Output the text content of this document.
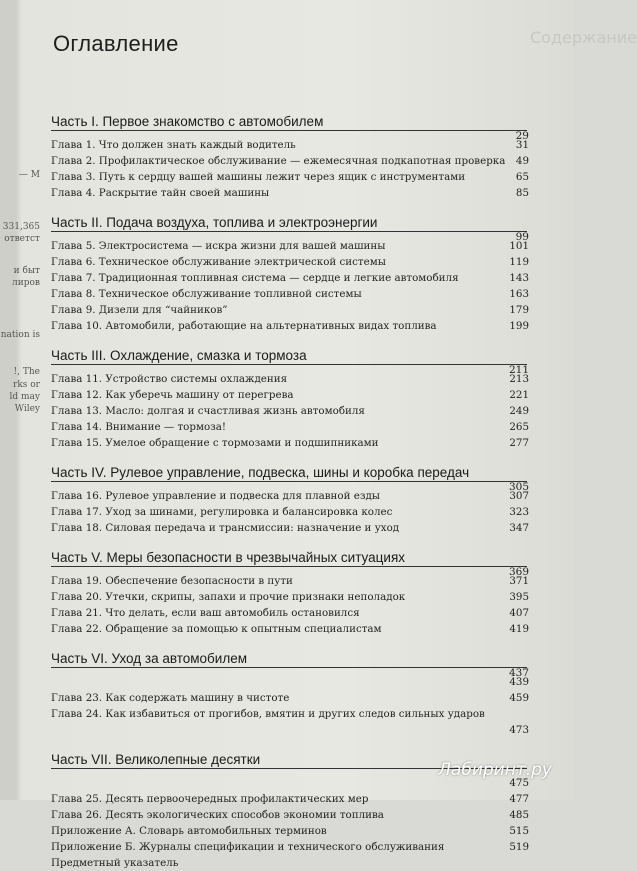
— M
331,365
ответст
и быт
лиров
nation is
!, The
rks or
ld may
Wiley
Содержание
Оглавление
Часть I. Первое знакомство с автомобилем
29
Глава 1. Что должен знать каждый водитель	31
Глава 2. Профилактическое обслуживание — ежемесячная подкапотная проверка 49
Глава 3. Путь к сердцу вашей машины лежит через ящик с инструментами	65
Глава 4. Раскрытие тайн своей машины	85
Часть II. Подача воздуха, топлива и электроэнергии
99
Глава 5. Электросистема — искра жизни для вашей машины	101
Глава 6. Техническое обслуживание электрической системы	119
Глава 7. Традиционная топливная система — сердце и легкие автомобиля	143
Глава 8. Техническое обслуживание топливной системы	163
Глава 9. Дизели для “чайников”	179
Глава 10. Автомобили, работающие на альтернативных видах топлива	199
Часть III. Охлаждение, смазка и тормоза
211
Глава 11. Устройство системы охлаждения	213
Глава 12. Как уберечь машину от перегрева	221
Глава 13. Масло: долгая и счастливая жизнь автомобиля	249
Глава 14. Внимание — тормоза!	265
Глава 15. Умелое обращение с тормозами и подшипниками	277
Часть IV. Рулевое управление, подвеска, шины и коробка передач
305
Глава 16. Рулевое управление и подвеска для плавной езды	307
Глава 17. Уход за шинами, регулировка и балансировка колес	323
Глава 18. Силовая передача и трансмиссии: назначение и уход	347
Часть V. Меры безопасности в чрезвычайных ситуациях
369
Глава 19. Обеспечение безопасности в пути	371
Глава 20. Утечки, скрипы, запахи и прочие признаки неполадок	395
Глава 21. Что делать, если ваш автомобиль остановился	407
Глава 22. Обращение за помощью к опытным специалистам	419
Часть VI. Уход за автомобилем
437
439
Глава 23. Как содержать машину в чистоте	459
Глава 24. Как избавиться от прогибов, вмятин и других следов сильных ударов
473
Часть VII. Великолепные десятки
475
Глава 25. Десять первоочередных профилактических мер	477
Глава 26. Десять экологических способов экономии топлива	485
Приложение А. Словарь автомобильных терминов	515
Приложение Б. Журналы спецификации и технического обслуживания	519
Предметный указатель
Лабиринт.ру
